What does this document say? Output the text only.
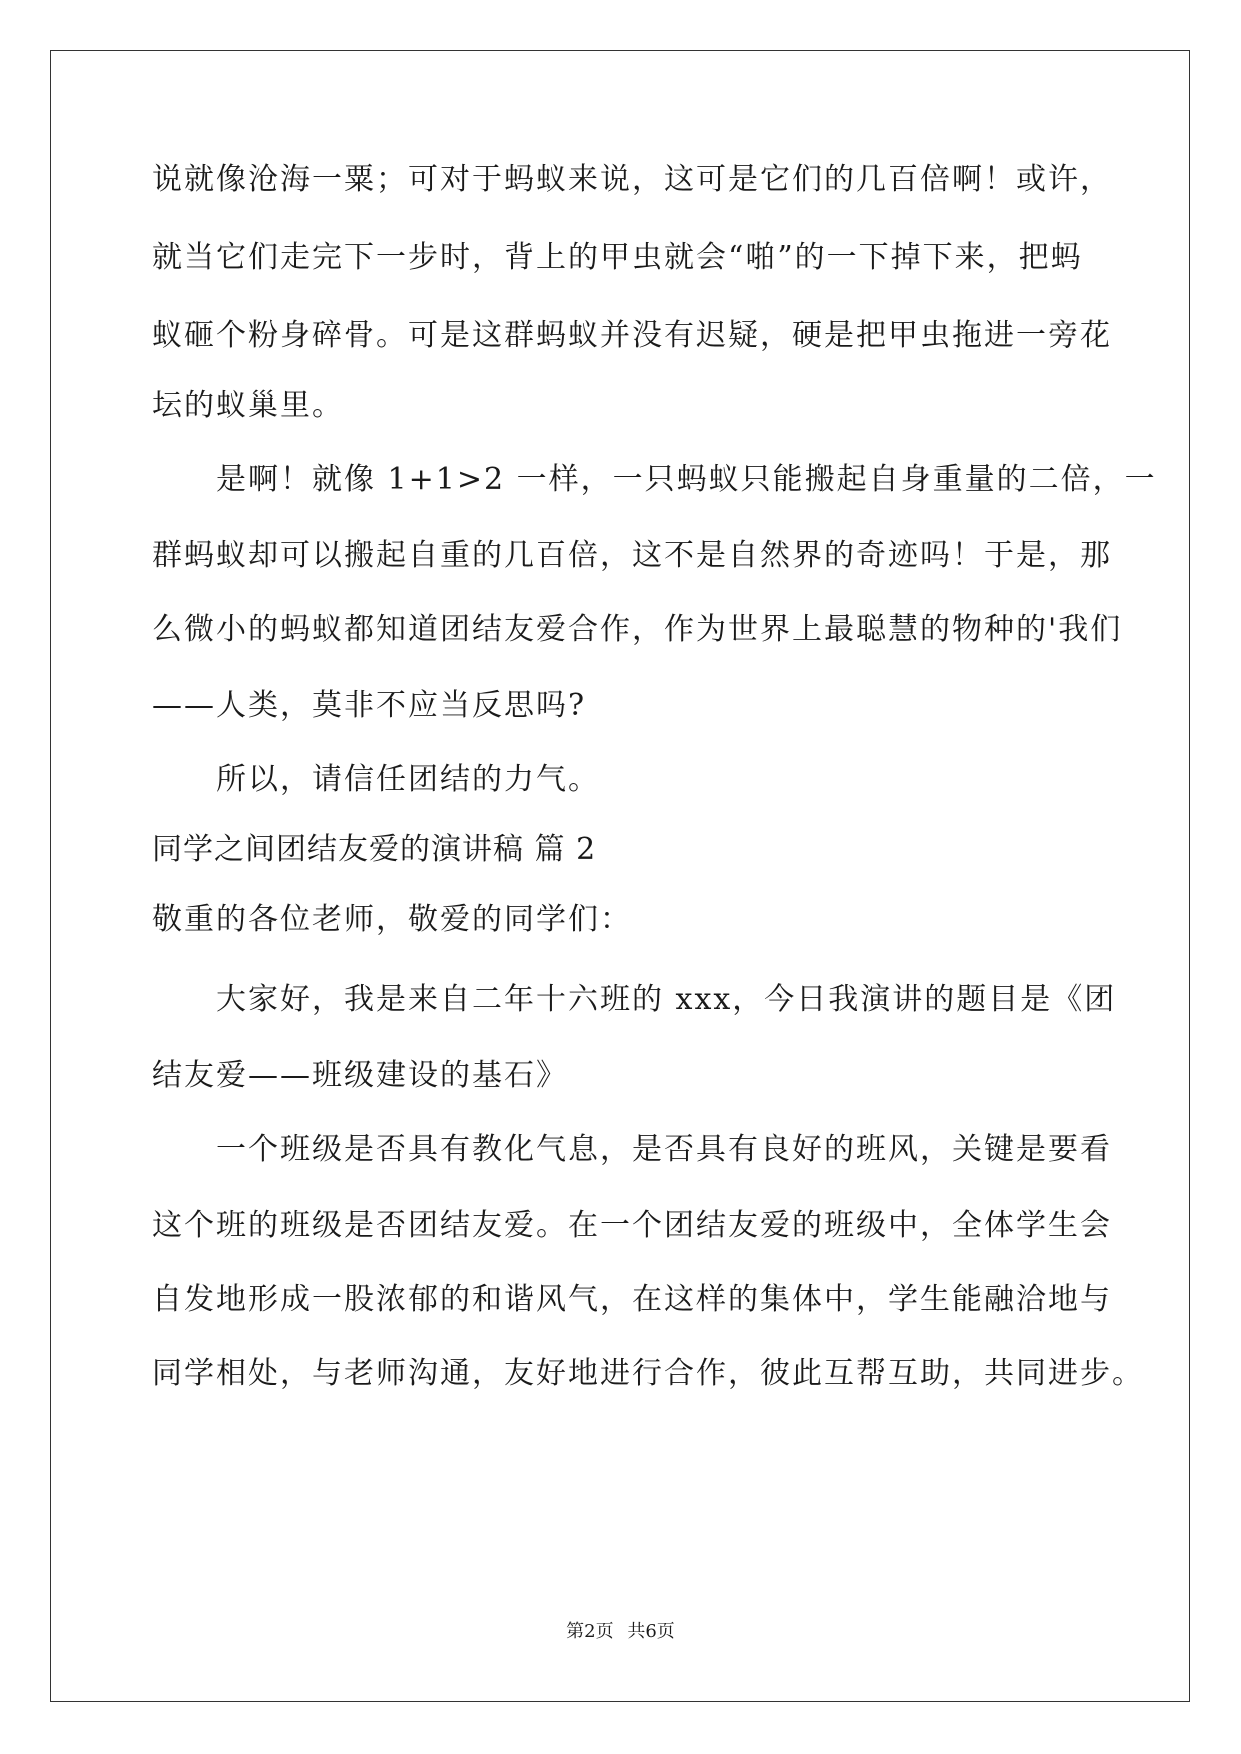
说就像沧海一粟；可对于蚂蚁来说，这可是它们的几百倍啊！或许，
就当它们走完下一步时，背上的甲虫就会“啪”的一下掉下来，把蚂
蚁砸个粉身碎骨。可是这群蚂蚁并没有迟疑，硬是把甲虫拖进一旁花
坛的蚁巢里。
是啊！就像 1+1>2 一样，一只蚂蚁只能搬起自身重量的二倍，一
群蚂蚁却可以搬起自重的几百倍，这不是自然界的奇迹吗！于是，那
么微小的蚂蚁都知道团结友爱合作，作为世界上最聪慧的物种的'我们
——人类，莫非不应当反思吗?
所以，请信任团结的力气。
同学之间团结友爱的演讲稿 篇 2
敬重的各位老师，敬爱的同学们：
大家好，我是来自二年十六班的 xxx，今日我演讲的题目是《团
结友爱——班级建设的基石》
一个班级是否具有教化气息，是否具有良好的班风，关键是要看
这个班的班级是否团结友爱。在一个团结友爱的班级中，全体学生会
自发地形成一股浓郁的和谐风气，在这样的集体中，学生能融洽地与
同学相处，与老师沟通，友好地进行合作，彼此互帮互助，共同进步。
第2页 共6页
